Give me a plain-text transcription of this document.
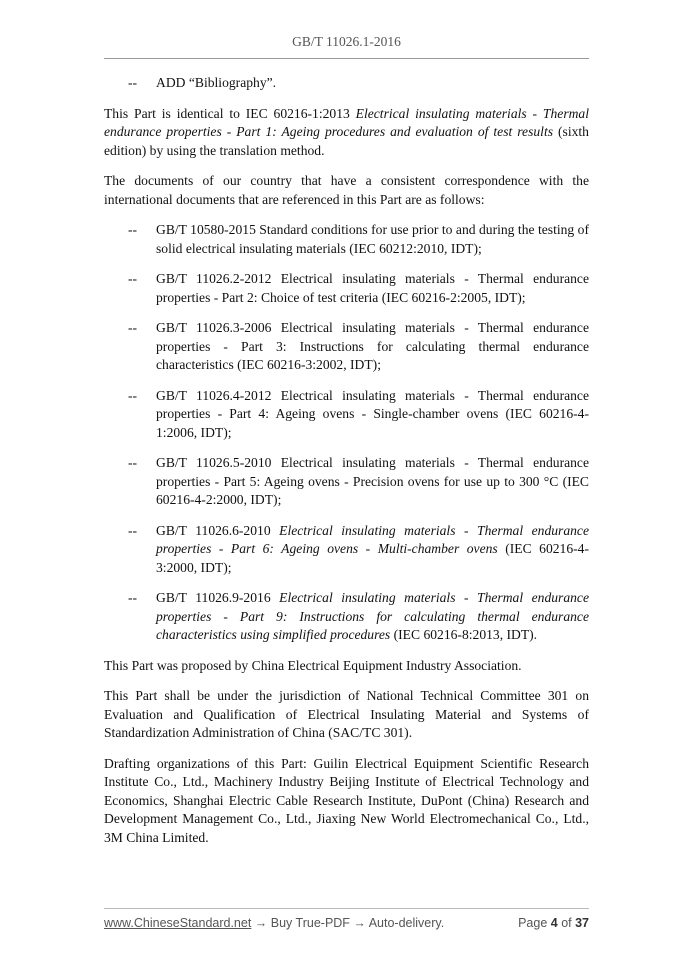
GB/T 11026.1-2016
-- ADD “Bibliography”.

This Part is identical to IEC 60216-1:2013 Electrical insulating materials - Thermal endurance properties - Part 1: Ageing procedures and evaluation of test results (sixth edition) by using the translation method.

The documents of our country that have a consistent correspondence with the international documents that are referenced in this Part are as follows:

-- GB/T 10580-2015 Standard conditions for use prior to and during the testing of solid electrical insulating materials (IEC 60212:2010, IDT);
-- GB/T 11026.2-2012 Electrical insulating materials - Thermal endurance properties - Part 2: Choice of test criteria (IEC 60216-2:2005, IDT);
-- GB/T 11026.3-2006 Electrical insulating materials - Thermal endurance properties - Part 3: Instructions for calculating thermal endurance characteristics (IEC 60216-3:2002, IDT);
-- GB/T 11026.4-2012 Electrical insulating materials - Thermal endurance properties - Part 4: Ageing ovens - Single-chamber ovens (IEC 60216-4-1:2006, IDT);
-- GB/T 11026.5-2010 Electrical insulating materials - Thermal endurance properties - Part 5: Ageing ovens - Precision ovens for use up to 300 °C (IEC 60216-4-2:2000, IDT);
-- GB/T 11026.6-2010 Electrical insulating materials - Thermal endurance properties - Part 6: Ageing ovens - Multi-chamber ovens (IEC 60216-4-3:2000, IDT);
-- GB/T 11026.9-2016 Electrical insulating materials - Thermal endurance properties - Part 9: Instructions for calculating thermal endurance characteristics using simplified procedures (IEC 60216-8:2013, IDT).

This Part was proposed by China Electrical Equipment Industry Association.

This Part shall be under the jurisdiction of National Technical Committee 301 on Evaluation and Qualification of Electrical Insulating Material and Systems of Standardization Administration of China (SAC/TC 301).

Drafting organizations of this Part: Guilin Electrical Equipment Scientific Research Institute Co., Ltd., Machinery Industry Beijing Institute of Electrical Technology and Economics, Shanghai Electric Cable Research Institute, DuPont (China) Research and Development Management Co., Ltd., Jiaxing New World Electromechanical Co., Ltd., 3M China Limited.

www.ChineseStandard.net → Buy True-PDF → Auto-delivery.	Page 4 of 37
